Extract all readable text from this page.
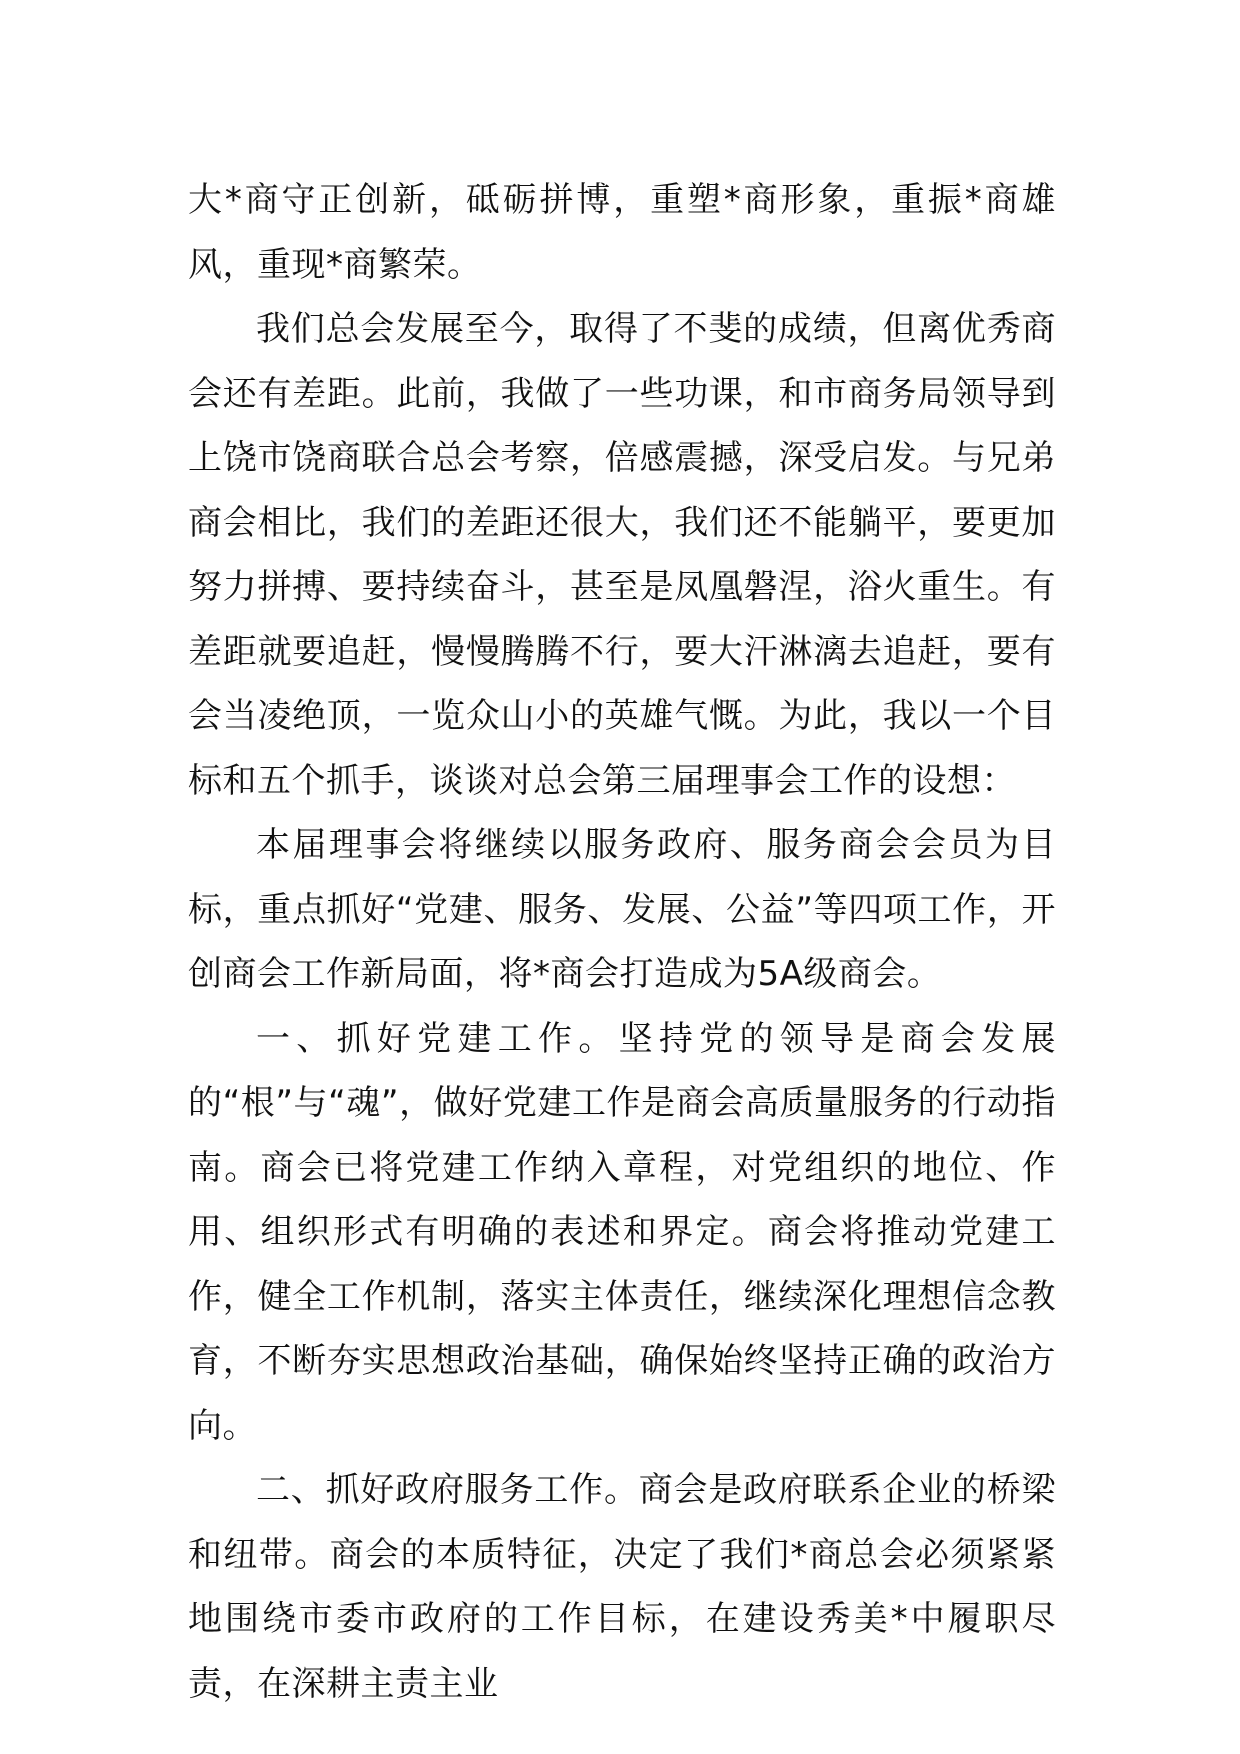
大*商守正创新，砥砺拼博，重塑*商形象，重振*商雄风，重现*商繁荣。

我们总会发展至今，取得了不斐的成绩，但离优秀商会还有差距。此前，我做了一些功课，和市商务局领导到上饶市饶商联合总会考察，倍感震撼，深受启发。与兄弟商会相比，我们的差距还很大，我们还不能躺平，要更加努力拼搏、要持续奋斗，甚至是凤凰磐涅，浴火重生。有差距就要追赶，慢慢腾腾不行，要大汗淋漓去追赶，要有会当凌绝顶，一览众山小的英雄气慨。为此，我以一个目标和五个抓手，谈谈对总会第三届理事会工作的设想：

本届理事会将继续以服务政府、服务商会会员为目标，重点抓好“党建、服务、发展、公益”等四项工作，开创商会工作新局面，将*商会打造成为5A级商会。

一、抓好党建工作。坚持党的领导是商会发展的“根”与“魂”，做好党建工作是商会高质量服务的行动指南。商会已将党建工作纳入章程，对党组织的地位、作用、组织形式有明确的表述和界定。商会将推动党建工作，健全工作机制，落实主体责任，继续深化理想信念教育，不断夯实思想政治基础，确保始终坚持正确的政治方向。

二、抓好政府服务工作。商会是政府联系企业的桥梁和纽带。商会的本质特征，决定了我们*商总会必须紧紧地围绕市委市政府的工作目标，在建设秀美*中履职尽责，在深耕主责主业
